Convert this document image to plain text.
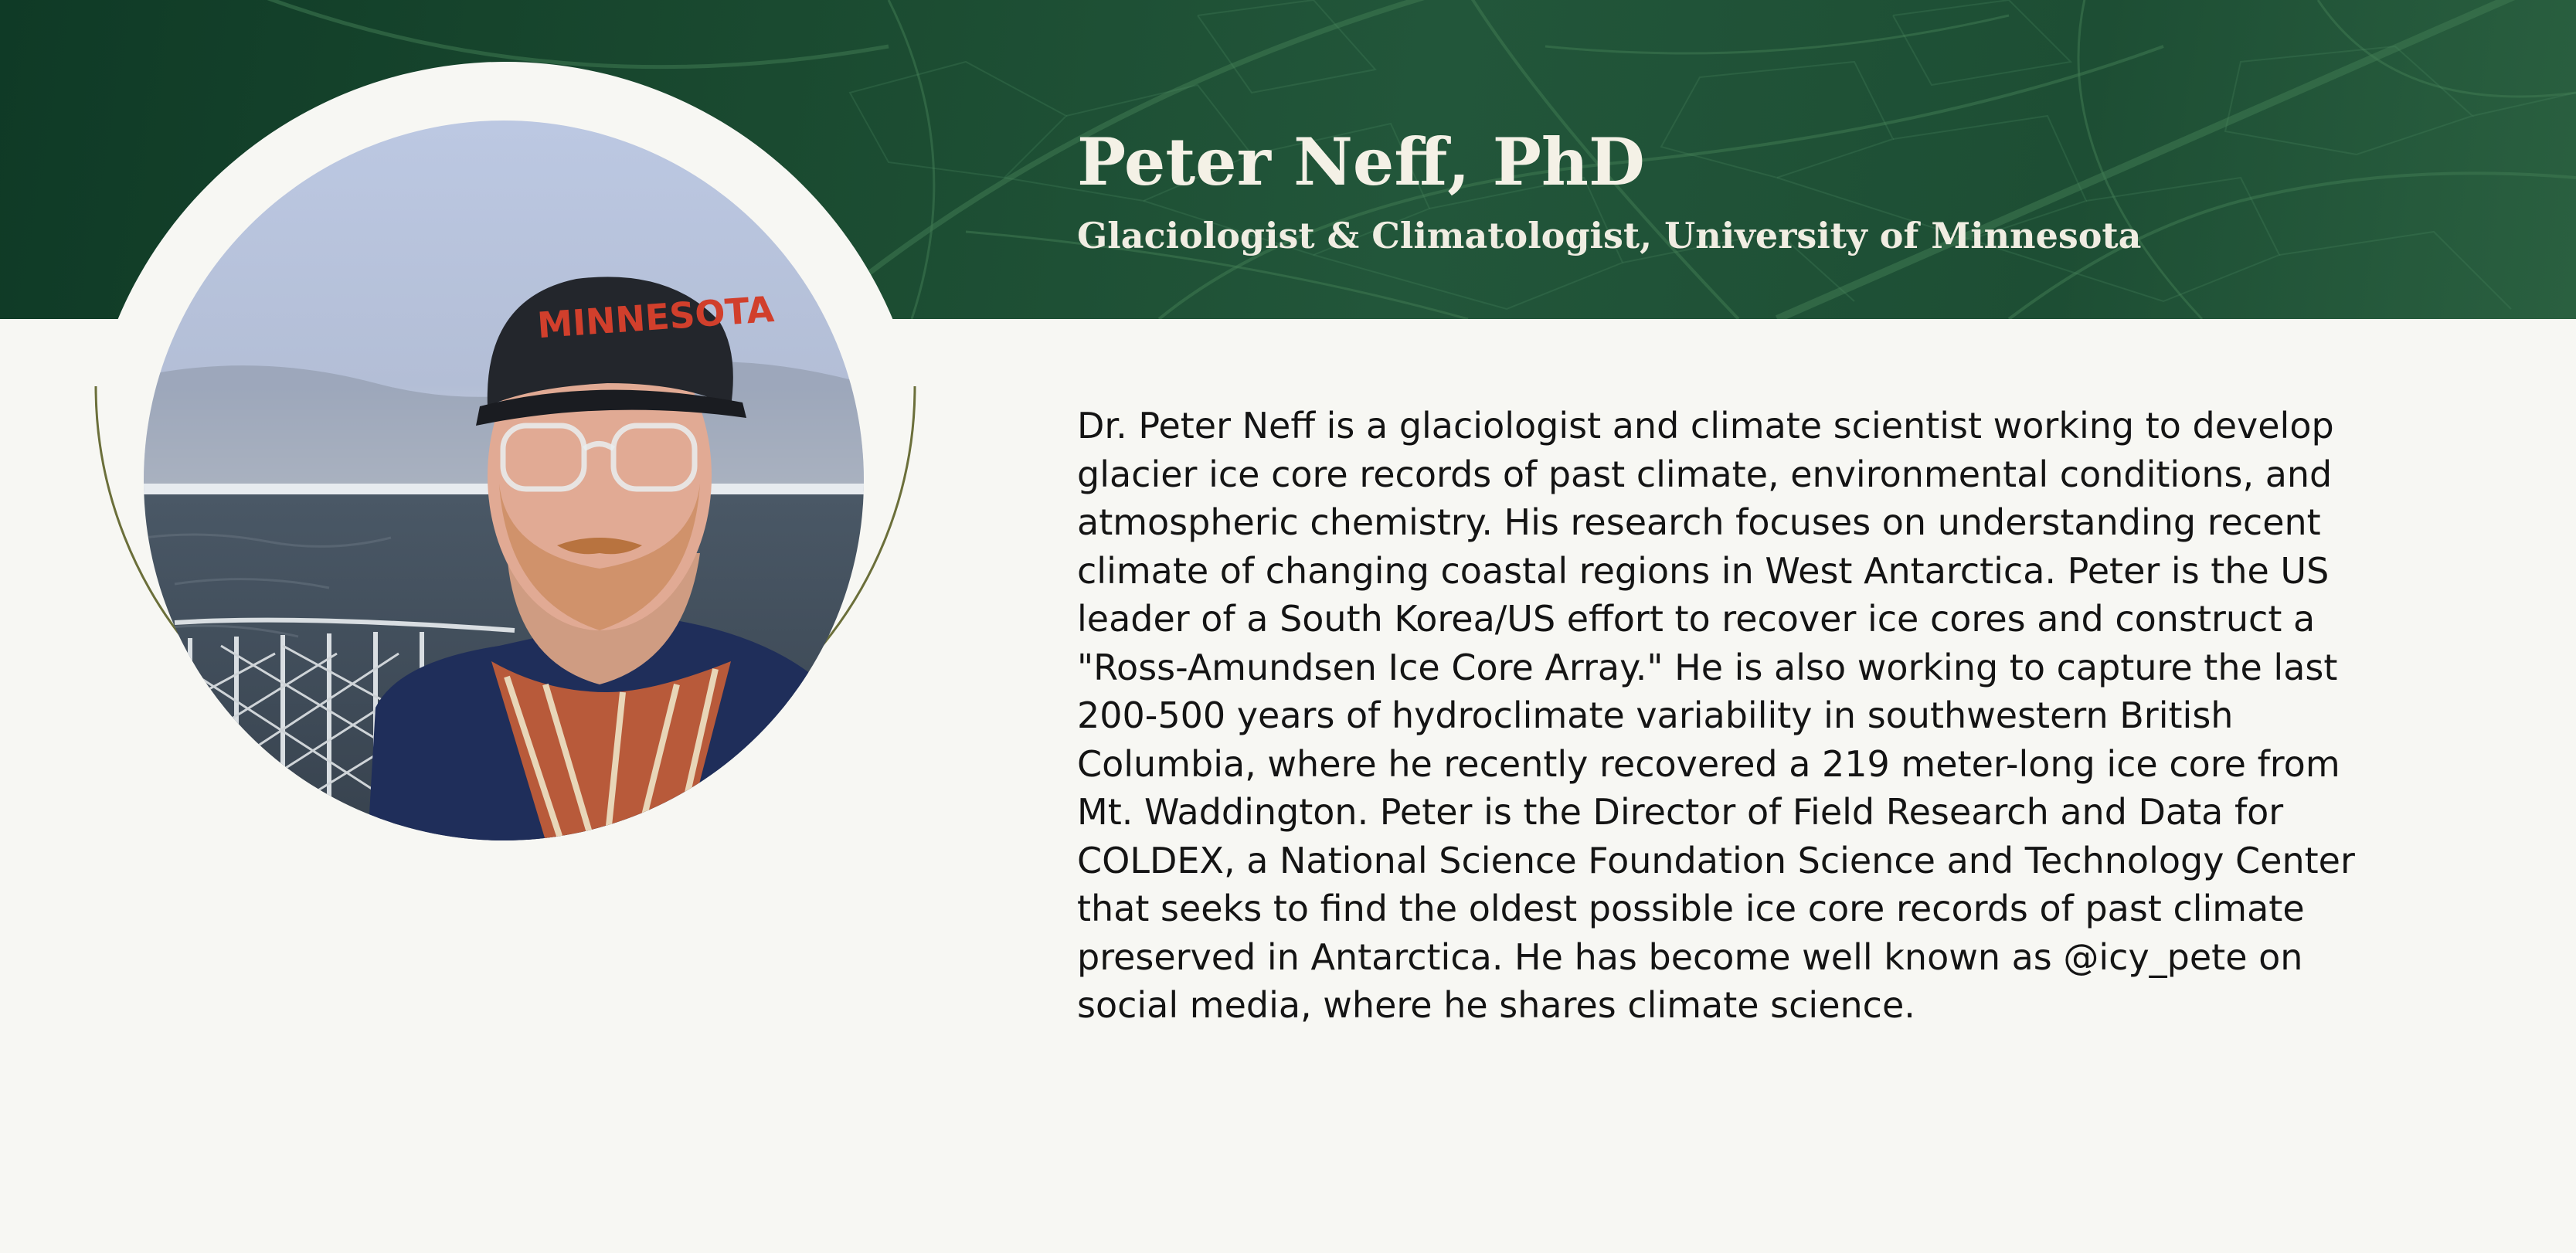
Peter Neff, PhD
Glaciologist & Climatologist, University of Minnesota
MINNESOTA

Dr. Peter Neff is a glaciologist and climate scientist working to develop glacier ice core records of past climate, environmental conditions, and atmospheric chemistry. His research focuses on understanding recent climate of changing coastal regions in West Antarctica. Peter is the US leader of a South Korea/US effort to recover ice cores and construct a "Ross-Amundsen Ice Core Array." He is also working to capture the last 200-500 years of hydroclimate variability in southwestern British Columbia, where he recently recovered a 219 meter-long ice core from Mt. Waddington. Peter is the Director of Field Research and Data for COLDEX, a National Science Foundation Science and Technology Center that seeks to find the oldest possible ice core records of past climate preserved in Antarctica. He has become well known as @icy_pete on social media, where he shares climate science.
